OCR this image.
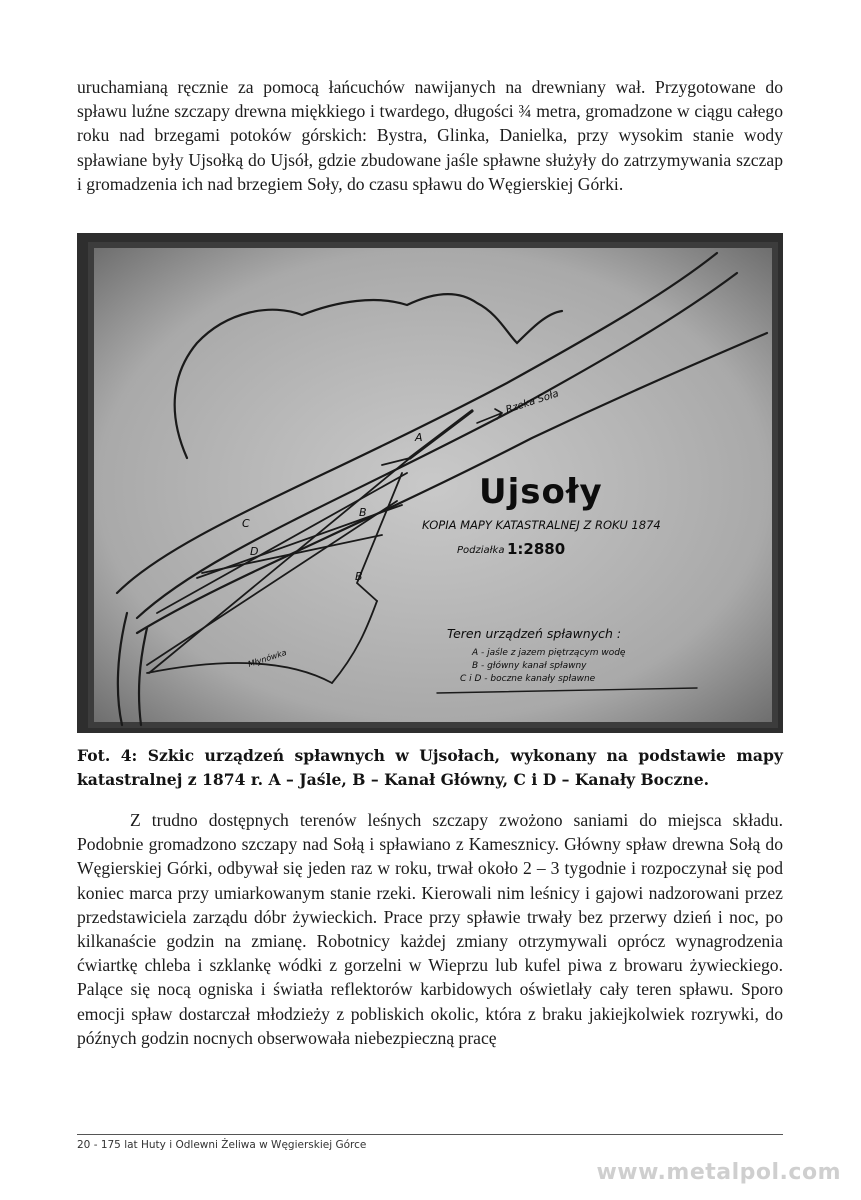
uruchamianą ręcznie za pomocą łańcuchów nawijanych na drewniany wał. Przygotowane do spławu luźne szczapy drewna miękkiego i twardego, długości ¾ metra, gromadzone w ciągu całego roku nad brzegami potoków górskich: Bystra, Glinka, Danielka, przy wysokim stanie wody spławiane były Ujsołką do Ujsół, gdzie zbudowane jaśle spławne służyły do zatrzymywania szczap i gromadzenia ich nad brzegiem Soły, do czasu spławu do Węgierskiej Górki.
A
B
B
C
D
Rzeka Soła
Młynówka
Ujsoły
KOPIA MAPY KATASTRALNEJ Z ROKU 1874
Podziałka 1:2880
Teren urządzeń spławnych :
A - jaśle z jazem piętrzącym wodę
B - główny kanał spławny
C i D - boczne kanały spławne
Fot. 4: Szkic urządzeń spławnych w Ujsołach, wykonany na podstawie mapy katastralnej z 1874 r. A – Jaśle, B – Kanał Główny, C i D – Kanały Boczne.
Z trudno dostępnych terenów leśnych szczapy zwożono saniami do miejsca składu. Podobnie gromadzono szczapy nad Sołą i spławiano z Kamesznicy. Główny spław drewna Sołą do Węgierskiej Górki, odbywał się jeden raz w roku, trwał około 2 – 3 tygodnie i rozpoczynał się pod koniec marca przy umiarkowanym stanie rzeki. Kierowali nim leśnicy i gajowi nadzorowani przez przedstawiciela zarządu dóbr żywieckich. Prace przy spławie trwały bez przerwy dzień i noc, po kilkanaście godzin na zmianę. Robotnicy każdej zmiany otrzymywali oprócz wynagrodzenia ćwiartkę chleba i szklankę wódki z gorzelni w Wieprzu lub kufel piwa z browaru żywieckiego. Palące się nocą ogniska i światła reflektorów karbidowych oświetlały cały teren spławu. Sporo emocji spław dostarczał młodzieży z pobliskich okolic, która z braku jakiejkolwiek rozrywki, do późnych godzin nocnych obserwowała niebezpieczną pracę
20 - 175 lat Huty i Odlewni Żeliwa w Węgierskiej Górce
www.metalpol.com
